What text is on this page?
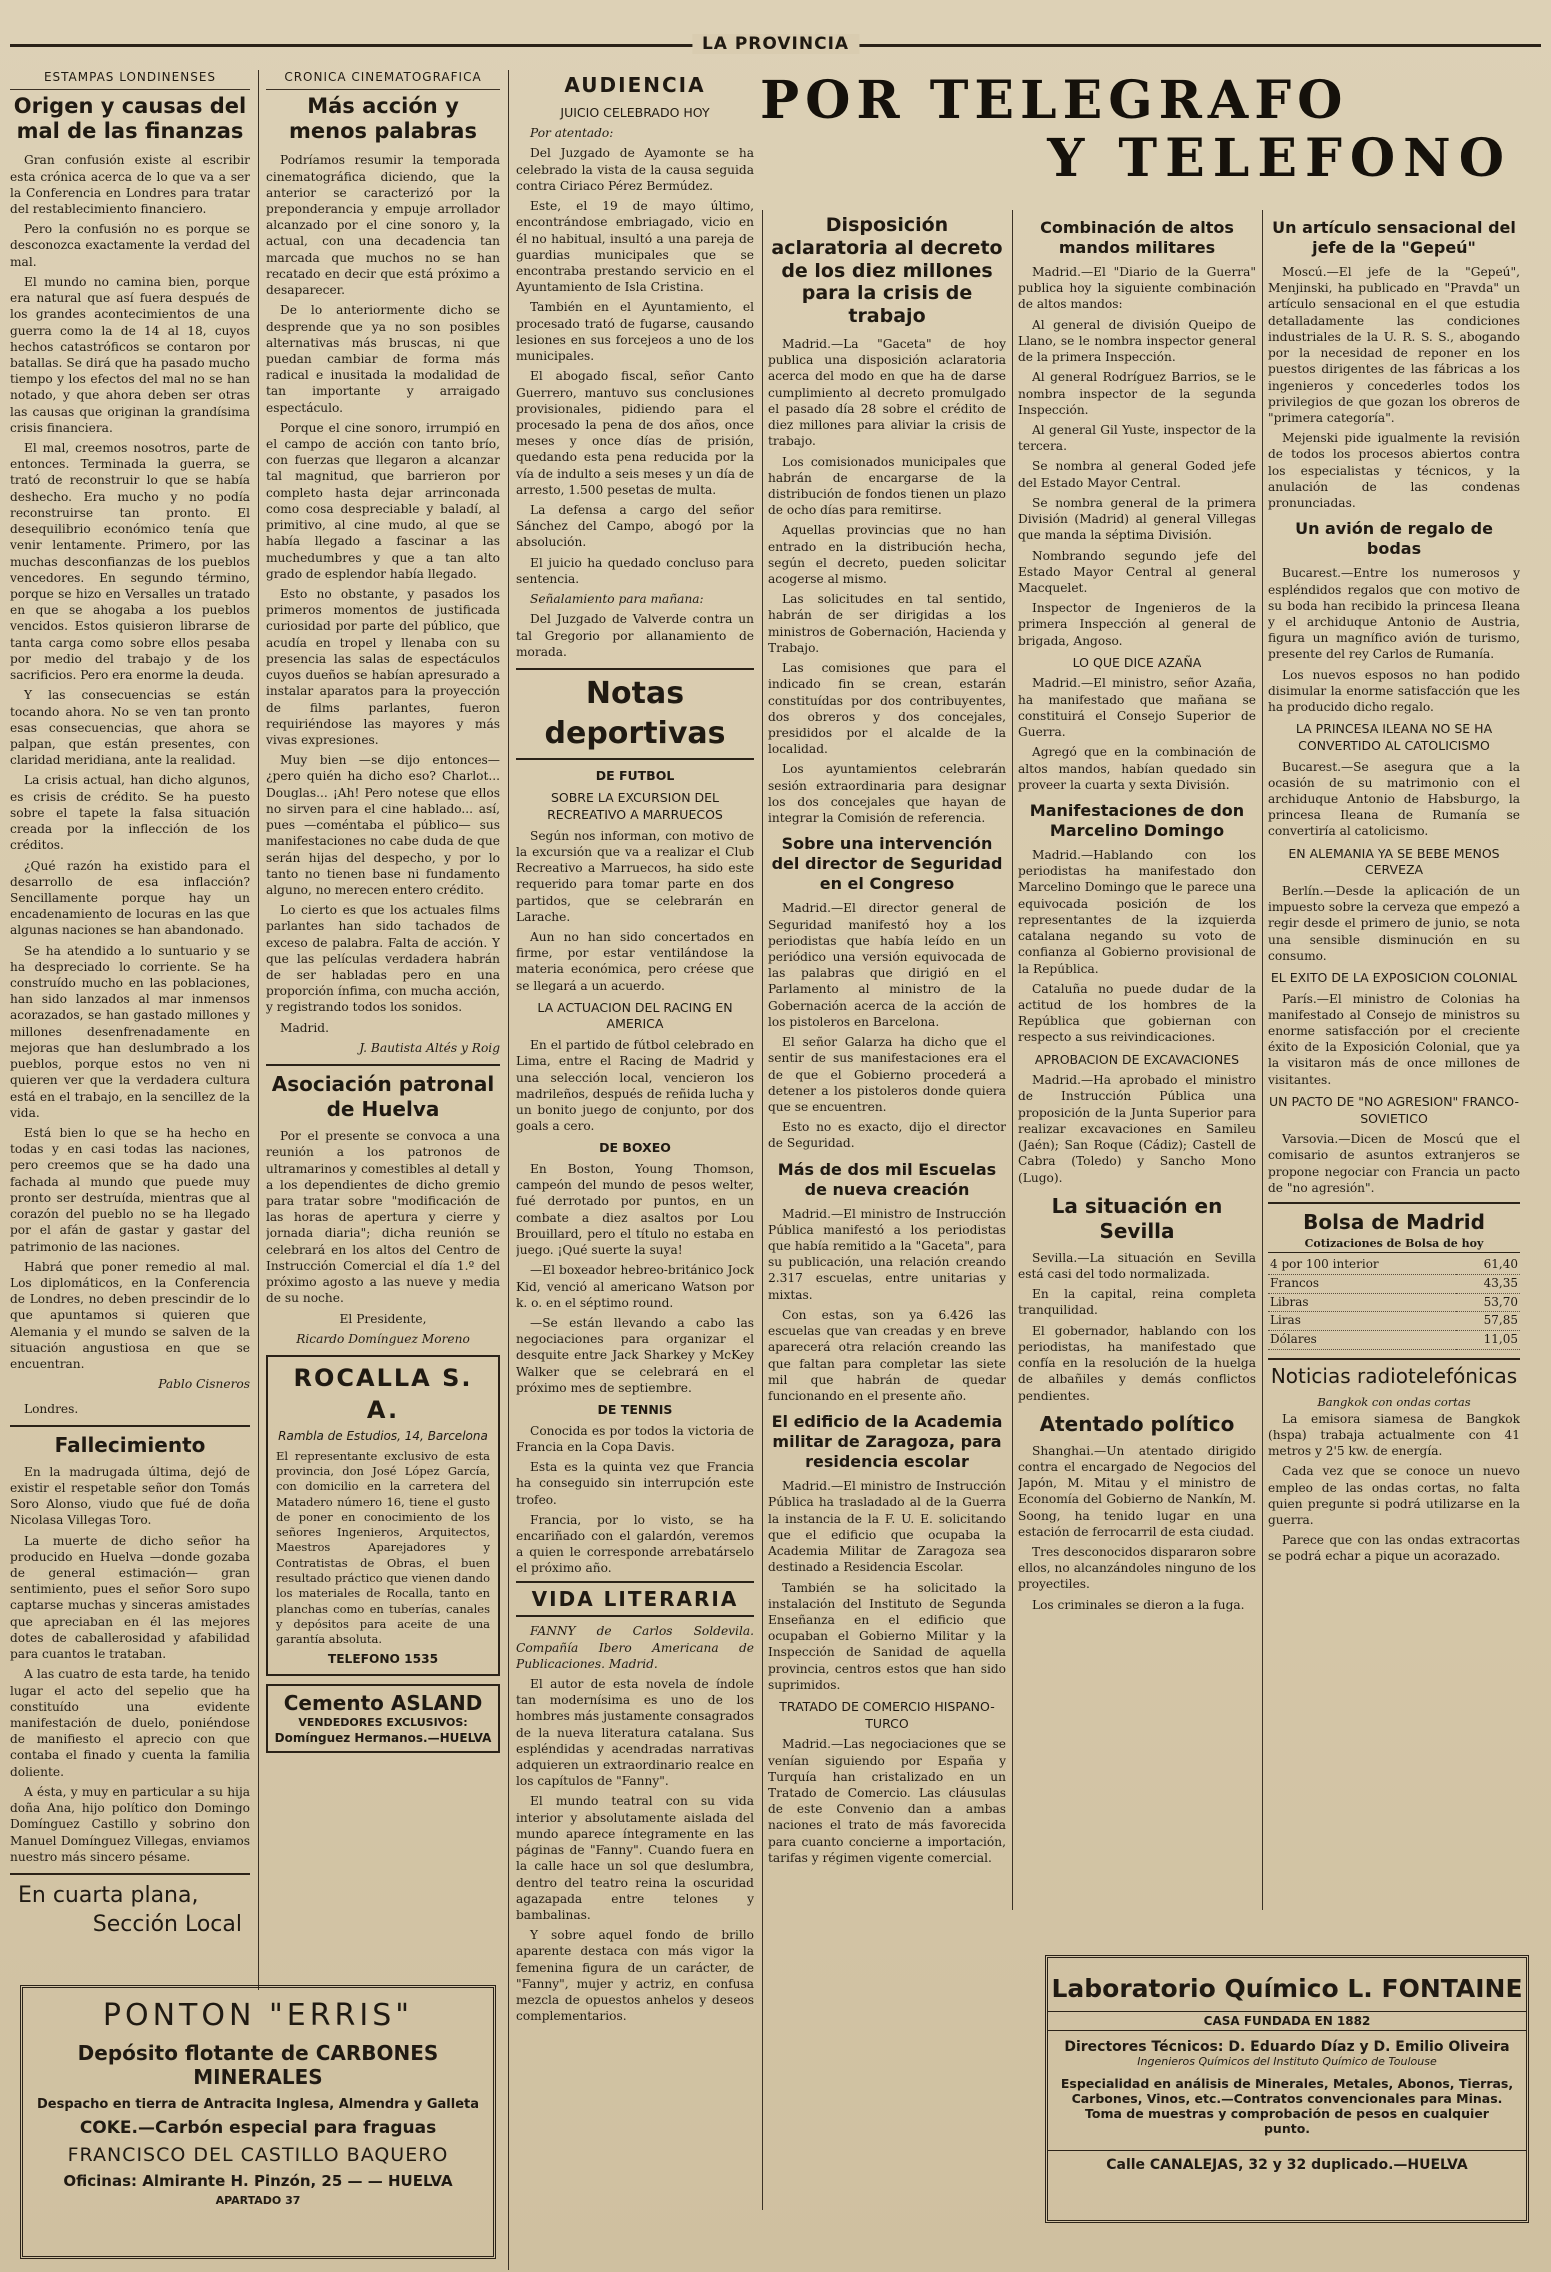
LA PROVINCIA
POR TELEGRAFO
Y TELEFONO
ESTAMPAS LONDINENSES
Origen y causas del mal de las finanzas

Gran confusión existe al escribir esta crónica acerca de lo que va a ser la Conferencia en Londres para tratar del restablecimiento financiero.

Pero la confusión no es porque se desconozca exactamente la verdad del mal.

El mundo no camina bien, porque era natural que así fuera después de los grandes acontecimientos de una guerra como la de 14 al 18, cuyos hechos catastróficos se contaron por batallas. Se dirá que ha pasado mucho tiempo y los efectos del mal no se han notado, y que ahora deben ser otras las causas que originan la grandísima crisis financiera.

El mal, creemos nosotros, parte de entonces. Terminada la guerra, se trató de reconstruir lo que se había deshecho. Era mucho y no podía reconstruirse tan pronto. El desequilibrio económico tenía que venir lentamente. Primero, por las muchas desconfianzas de los pueblos vencedores. En segundo término, porque se hizo en Versalles un tratado en que se ahogaba a los pueblos vencidos. Estos quisieron librarse de tanta carga como sobre ellos pesaba por medio del trabajo y de los sacrificios. Pero era enorme la deuda.

Y las consecuencias se están tocando ahora. No se ven tan pronto esas consecuencias, que ahora se palpan, que están presentes, con claridad meridiana, ante la realidad.

La crisis actual, han dicho algunos, es crisis de crédito. Se ha puesto sobre el tapete la falsa situación creada por la inflección de los créditos.

¿Qué razón ha existido para el desarrollo de esa inflacción? Sencillamente porque hay un encadenamiento de locuras en las que algunas naciones se han abandonado.

Se ha atendido a lo suntuario y se ha despreciado lo corriente. Se ha construído mucho en las poblaciones, han sido lanzados al mar inmensos acorazados, se han gastado millones y millones desenfrenadamente en mejoras que han deslumbrado a los pueblos, porque estos no ven ni quieren ver que la verdadera cultura está en el trabajo, en la sencillez de la vida.

Está bien lo que se ha hecho en todas y en casi todas las naciones, pero creemos que se ha dado una fachada al mundo que puede muy pronto ser destruída, mientras que al corazón del pueblo no se ha llegado por el afán de gastar y gastar del patrimonio de las naciones.

Habrá que poner remedio al mal. Los diplomáticos, en la Conferencia de Londres, no deben prescindir de lo que apuntamos si quieren que Alemania y el mundo se salven de la situación angustiosa en que se encuentran.

Pablo Cisneros

Londres.

Fallecimiento

En la madrugada última, dejó de existir el respetable señor don Tomás Soro Alonso, viudo que fué de doña Nicolasa Villegas Toro.

La muerte de dicho señor ha producido en Huelva —donde gozaba de general estimación— gran sentimiento, pues el señor Soro supo captarse muchas y sinceras amistades que apreciaban en él las mejores dotes de caballerosidad y afabilidad para cuantos le trataban.

A las cuatro de esta tarde, ha tenido lugar el acto del sepelio que ha constituído una evidente manifestación de duelo, poniéndose de manifiesto el aprecio con que contaba el finado y cuenta la familia doliente.

A ésta, y muy en particular a su hija doña Ana, hijo político don Domingo Domínguez Castillo y sobrino don Manuel Domínguez Villegas, enviamos nuestro más sincero pésame.

En cuarta plana,
Sección Local
CRONICA CINEMATOGRAFICA
Más acción y menos palabras

Podríamos resumir la temporada cinematográfica diciendo, que la anterior se caracterizó por la preponderancia y empuje arrollador alcanzado por el cine sonoro y, la actual, con una decadencia tan marcada que muchos no se han recatado en decir que está próximo a desaparecer.

De lo anteriormente dicho se desprende que ya no son posibles alternativas más bruscas, ni que puedan cambiar de forma más radical e inusitada la modalidad de tan importante y arraigado espectáculo.

Porque el cine sonoro, irrumpió en el campo de acción con tanto brío, con fuerzas que llegaron a alcanzar tal magnitud, que barrieron por completo hasta dejar arrinconada como cosa despreciable y baladí, al primitivo, al cine mudo, al que se había llegado a fascinar a las muchedumbres y que a tan alto grado de esplendor había llegado.

Esto no obstante, y pasados los primeros momentos de justificada curiosidad por parte del público, que acudía en tropel y llenaba con su presencia las salas de espectáculos cuyos dueños se habían apresurado a instalar aparatos para la proyección de films parlantes, fueron requiriéndose las mayores y más vivas expresiones.

Muy bien —se dijo entonces— ¿pero quién ha dicho eso? Charlot... Douglas... ¡Ah! Pero notese que ellos no sirven para el cine hablado... así, pues —coméntaba el público— sus manifestaciones no cabe duda de que serán hijas del despecho, y por lo tanto no tienen base ni fundamento alguno, no merecen entero crédito.

Lo cierto es que los actuales films parlantes han sido tachados de exceso de palabra. Falta de acción. Y que las películas verdadera habrán de ser habladas pero en una proporción ínfima, con mucha acción, y registrando todos los sonidos.

Madrid.

J. Bautista Altés y Roig
Asociación patronal de Huelva

Por el presente se convoca a una reunión a los patronos de ultramarinos y comestibles al detall y a los dependientes de dicho gremio para tratar sobre "modificación de las horas de apertura y cierre y jornada diaria"; dicha reunión se celebrará en los altos del Centro de Instrucción Comercial el día 1.º del próximo agosto a las nueve y media de su noche.

El Presidente,

Ricardo Domínguez Moreno
ROCALLA S. A.
Rambla de Estudios, 14, Barcelona
El representante exclusivo de esta provincia, don José López García, con domicilio en la carretera del Matadero número 16, tiene el gusto de poner en conocimiento de los señores Ingenieros, Arquitectos, Maestros Aparejadores y Contratistas de Obras, el buen resultado práctico que vienen dando los materiales de Rocalla, tanto en planchas como en tuberías, canales y depósitos para aceite de una garantía absoluta.
TELEFONO 1535
Cemento ASLAND
VENDEDORES EXCLUSIVOS:
Domínguez Hermanos.—HUELVA
AUDIENCIA
JUICIO CELEBRADO HOY

Por atentado:

Del Juzgado de Ayamonte se ha celebrado la vista de la causa seguida contra Ciriaco Pérez Bermúdez.

Este, el 19 de mayo último, encontrándose embriagado, vicio en él no habitual, insultó a una pareja de guardias municipales que se encontraba prestando servicio en el Ayuntamiento de Isla Cristina.

También en el Ayuntamiento, el procesado trató de fugarse, causando lesiones en sus forcejeos a uno de los municipales.

El abogado fiscal, señor Canto Guerrero, mantuvo sus conclusiones provisionales, pidiendo para el procesado la pena de dos años, once meses y once días de prisión, quedando esta pena reducida por la vía de indulto a seis meses y un día de arresto, 1.500 pesetas de multa.

La defensa a cargo del señor Sánchez del Campo, abogó por la absolución.

El juicio ha quedado concluso para sentencia.

Señalamiento para mañana:

Del Juzgado de Valverde contra un tal Gregorio por allanamiento de morada.

Notas deportivas
DE FUTBOL
SOBRE LA EXCURSION DEL RECREATIVO A MARRUECOS

Según nos informan, con motivo de la excursión que va a realizar el Club Recreativo a Marruecos, ha sido este requerido para tomar parte en dos partidos, que se celebrarán en Larache.

Aun no han sido concertados en firme, por estar ventilándose la materia económica, pero créese que se llegará a un acuerdo.

LA ACTUACION DEL RACING EN AMERICA

En el partido de fútbol celebrado en Lima, entre el Racing de Madrid y una selección local, vencieron los madrileños, después de reñida lucha y un bonito juego de conjunto, por dos goals a cero.

DE BOXEO

En Boston, Young Thomson, campeón del mundo de pesos welter, fué derrotado por puntos, en un combate a diez asaltos por Lou Brouillard, pero el título no estaba en juego. ¡Qué suerte la suya!

—El boxeador hebreo-británico Jock Kid, venció al americano Watson por k. o. en el séptimo round.

—Se están llevando a cabo las negociaciones para organizar el desquite entre Jack Sharkey y McKey Walker que se celebrará en el próximo mes de septiembre.

DE TENNIS

Conocida es por todos la victoria de Francia en la Copa Davis.

Esta es la quinta vez que Francia ha conseguido sin interrupción este trofeo.

Francia, por lo visto, se ha encariñado con el galardón, veremos a quien le corresponde arrebatárselo el próximo año.

VIDA LITERARIA

FANNY de Carlos Soldevila. Compañía Ibero Americana de Publicaciones. Madrid.

El autor de esta novela de índole tan modernísima es uno de los hombres más justamente consagrados de la nueva literatura catalana. Sus espléndidas y acendradas narrativas adquieren un extraordinario realce en los capítulos de "Fanny".

El mundo teatral con su vida interior y absolutamente aislada del mundo aparece íntegramente en las páginas de "Fanny". Cuando fuera en la calle hace un sol que deslumbra, dentro del teatro reina la oscuridad agazapada entre telones y bambalinas.

Y sobre aquel fondo de brillo aparente destaca con más vigor la femenina figura de un carácter, de "Fanny", mujer y actriz, en confusa mezcla de opuestos anhelos y deseos complementarios.

Disposición aclaratoria al decreto de los diez millones para la crisis de trabajo

Madrid.—La "Gaceta" de hoy publica una disposición aclaratoria acerca del modo en que ha de darse cumplimiento al decreto promulgado el pasado día 28 sobre el crédito de diez millones para aliviar la crisis de trabajo.

Los comisionados municipales que habrán de encargarse de la distribución de fondos tienen un plazo de ocho días para remitirse.

Aquellas provincias que no han entrado en la distribución hecha, según el decreto, pueden solicitar acogerse al mismo.

Las solicitudes en tal sentido, habrán de ser dirigidas a los ministros de Gobernación, Hacienda y Trabajo.

Las comisiones que para el indicado fin se crean, estarán constituídas por dos contribuyentes, dos obreros y dos concejales, presididos por el alcalde de la localidad.

Los ayuntamientos celebrarán sesión extraordinaria para designar los dos concejales que hayan de integrar la Comisión de referencia.

Sobre una intervención del director de Seguridad en el Congreso

Madrid.—El director general de Seguridad manifestó hoy a los periodistas que había leído en un periódico una versión equivocada de las palabras que dirigió en el Parlamento al ministro de la Gobernación acerca de la acción de los pistoleros en Barcelona.

El señor Galarza ha dicho que el sentir de sus manifestaciones era el de que el Gobierno procederá a detener a los pistoleros donde quiera que se encuentren.

Esto no es exacto, dijo el director de Seguridad.

Más de dos mil Escuelas de nueva creación

Madrid.—El ministro de Instrucción Pública manifestó a los periodistas que había remitido a la "Gaceta", para su publicación, una relación creando 2.317 escuelas, entre unitarias y mixtas.

Con estas, son ya 6.426 las escuelas que van creadas y en breve aparecerá otra relación creando las que faltan para completar las siete mil que habrán de quedar funcionando en el presente año.

El edificio de la Academia militar de Zaragoza, para residencia escolar

Madrid.—El ministro de Instrucción Pública ha trasladado al de la Guerra la instancia de la F. U. E. solicitando que el edificio que ocupaba la Academia Militar de Zaragoza sea destinado a Residencia Escolar.

También se ha solicitado la instalación del Instituto de Segunda Enseñanza en el edificio que ocupaban el Gobierno Militar y la Inspección de Sanidad de aquella provincia, centros estos que han sido suprimidos.

TRATADO DE COMERCIO HISPANO-TURCO

Madrid.—Las negociaciones que se venían siguiendo por España y Turquía han cristalizado en un Tratado de Comercio. Las cláusulas de este Convenio dan a ambas naciones el trato de más favorecida para cuanto concierne a importación, tarifas y régimen vigente comercial.

Combinación de altos mandos militares

Madrid.—El "Diario de la Guerra" publica hoy la siguiente combinación de altos mandos:

Al general de división Queipo de Llano, se le nombra inspector general de la primera Inspección.

Al general Rodríguez Barrios, se le nombra inspector de la segunda Inspección.

Al general Gil Yuste, inspector de la tercera.

Se nombra al general Goded jefe del Estado Mayor Central.

Se nombra general de la primera División (Madrid) al general Villegas que manda la séptima División.

Nombrando segundo jefe del Estado Mayor Central al general Macquelet.

Inspector de Ingenieros de la primera Inspección al general de brigada, Angoso.

LO QUE DICE AZAÑA

Madrid.—El ministro, señor Azaña, ha manifestado que mañana se constituirá el Consejo Superior de Guerra.

Agregó que en la combinación de altos mandos, habían quedado sin proveer la cuarta y sexta División.

Manifestaciones de don Marcelino Domingo

Madrid.—Hablando con los periodistas ha manifestado don Marcelino Domingo que le parece una equivocada posición de los representantes de la izquierda catalana negando su voto de confianza al Gobierno provisional de la República.

Cataluña no puede dudar de la actitud de los hombres de la República que gobiernan con respecto a sus reivindicaciones.

APROBACION DE EXCAVACIONES

Madrid.—Ha aprobado el ministro de Instrucción Pública una proposición de la Junta Superior para realizar excavaciones en Samileu (Jaén); San Roque (Cádiz); Castell de Cabra (Toledo) y Sancho Mono (Lugo).

La situación en Sevilla

Sevilla.—La situación en Sevilla está casi del todo normalizada.

En la capital, reina completa tranquilidad.

El gobernador, hablando con los periodistas, ha manifestado que confía en la resolución de la huelga de albañiles y demás conflictos pendientes.

Atentado político

Shanghai.—Un atentado dirigido contra el encargado de Negocios del Japón, M. Mitau y el ministro de Economía del Gobierno de Nankín, M. Soong, ha tenido lugar en una estación de ferrocarril de esta ciudad.

Tres desconocidos dispararon sobre ellos, no alcanzándoles ninguno de los proyectiles.

Los criminales se dieron a la fuga.

Un artículo sensacional del jefe de la "Gepeú"

Moscú.—El jefe de la "Gepeú", Menjinski, ha publicado en "Pravda" un artículo sensacional en el que estudia detalladamente las condiciones industriales de la U. R. S. S., abogando por la necesidad de reponer en los puestos dirigentes de las fábricas a los ingenieros y concederles todos los privilegios de que gozan los obreros de "primera categoría".

Mejenski pide igualmente la revisión de todos los procesos abiertos contra los especialistas y técnicos, y la anulación de las condenas pronunciadas.

Un avión de regalo de bodas

Bucarest.—Entre los numerosos y espléndidos regalos que con motivo de su boda han recibido la princesa Ileana y el archiduque Antonio de Austria, figura un magnífico avión de turismo, presente del rey Carlos de Rumanía.

Los nuevos esposos no han podido disimular la enorme satisfacción que les ha producido dicho regalo.

LA PRINCESA ILEANA NO SE HA CONVERTIDO AL CATOLICISMO

Bucarest.—Se asegura que a la ocasión de su matrimonio con el archiduque Antonio de Habsburgo, la princesa Ileana de Rumanía se convertiría al catolicismo.

EN ALEMANIA YA SE BEBE MENOS CERVEZA

Berlín.—Desde la aplicación de un impuesto sobre la cerveza que empezó a regir desde el primero de junio, se nota una sensible disminución en su consumo.

EL EXITO DE LA EXPOSICION COLONIAL

París.—El ministro de Colonias ha manifestado al Consejo de ministros su enorme satisfacción por el creciente éxito de la Exposición Colonial, que ya la visitaron más de once millones de visitantes.

UN PACTO DE "NO AGRESION" FRANCO-SOVIETICO

Varsovia.—Dicen de Moscú que el comisario de asuntos extranjeros se propone negociar con Francia un pacto de "no agresión".

Bolsa de Madrid
Cotizaciones de Bolsa de hoy
4 por 100 interior	61,40
Francos	43,35
Libras	53,70
Liras	57,85
Dólares	11,05
Noticias radiotelefónicas
Bangkok con ondas cortas

La emisora siamesa de Bangkok (hspa) trabaja actualmente con 41 metros y 2'5 kw. de energía.

Cada vez que se conoce un nuevo empleo de las ondas cortas, no falta quien pregunte si podrá utilizarse en la guerra.

Parece que con las ondas extracortas se podrá echar a pique un acorazado.

PONTON "ERRIS"
Depósito flotante de CARBONES MINERALES
Despacho en tierra de Antracita Inglesa, Almendra y Galleta
COKE.—Carbón especial para fraguas
FRANCISCO DEL CASTILLO BAQUERO
Oficinas: Almirante H. Pinzón, 25 — — HUELVA
APARTADO 37
Laboratorio Químico L. FONTAINE
CASA FUNDADA EN 1882
Directores Técnicos: D. Eduardo Díaz y D. Emilio Oliveira
Ingenieros Químicos del Instituto Químico de Toulouse
Especialidad en análisis de Minerales, Metales, Abonos, Tierras, Carbones, Vinos, etc.—Contratos convencionales para Minas. Toma de muestras y comprobación de pesos en cualquier punto.
Calle CANALEJAS, 32 y 32 duplicado.—HUELVA
